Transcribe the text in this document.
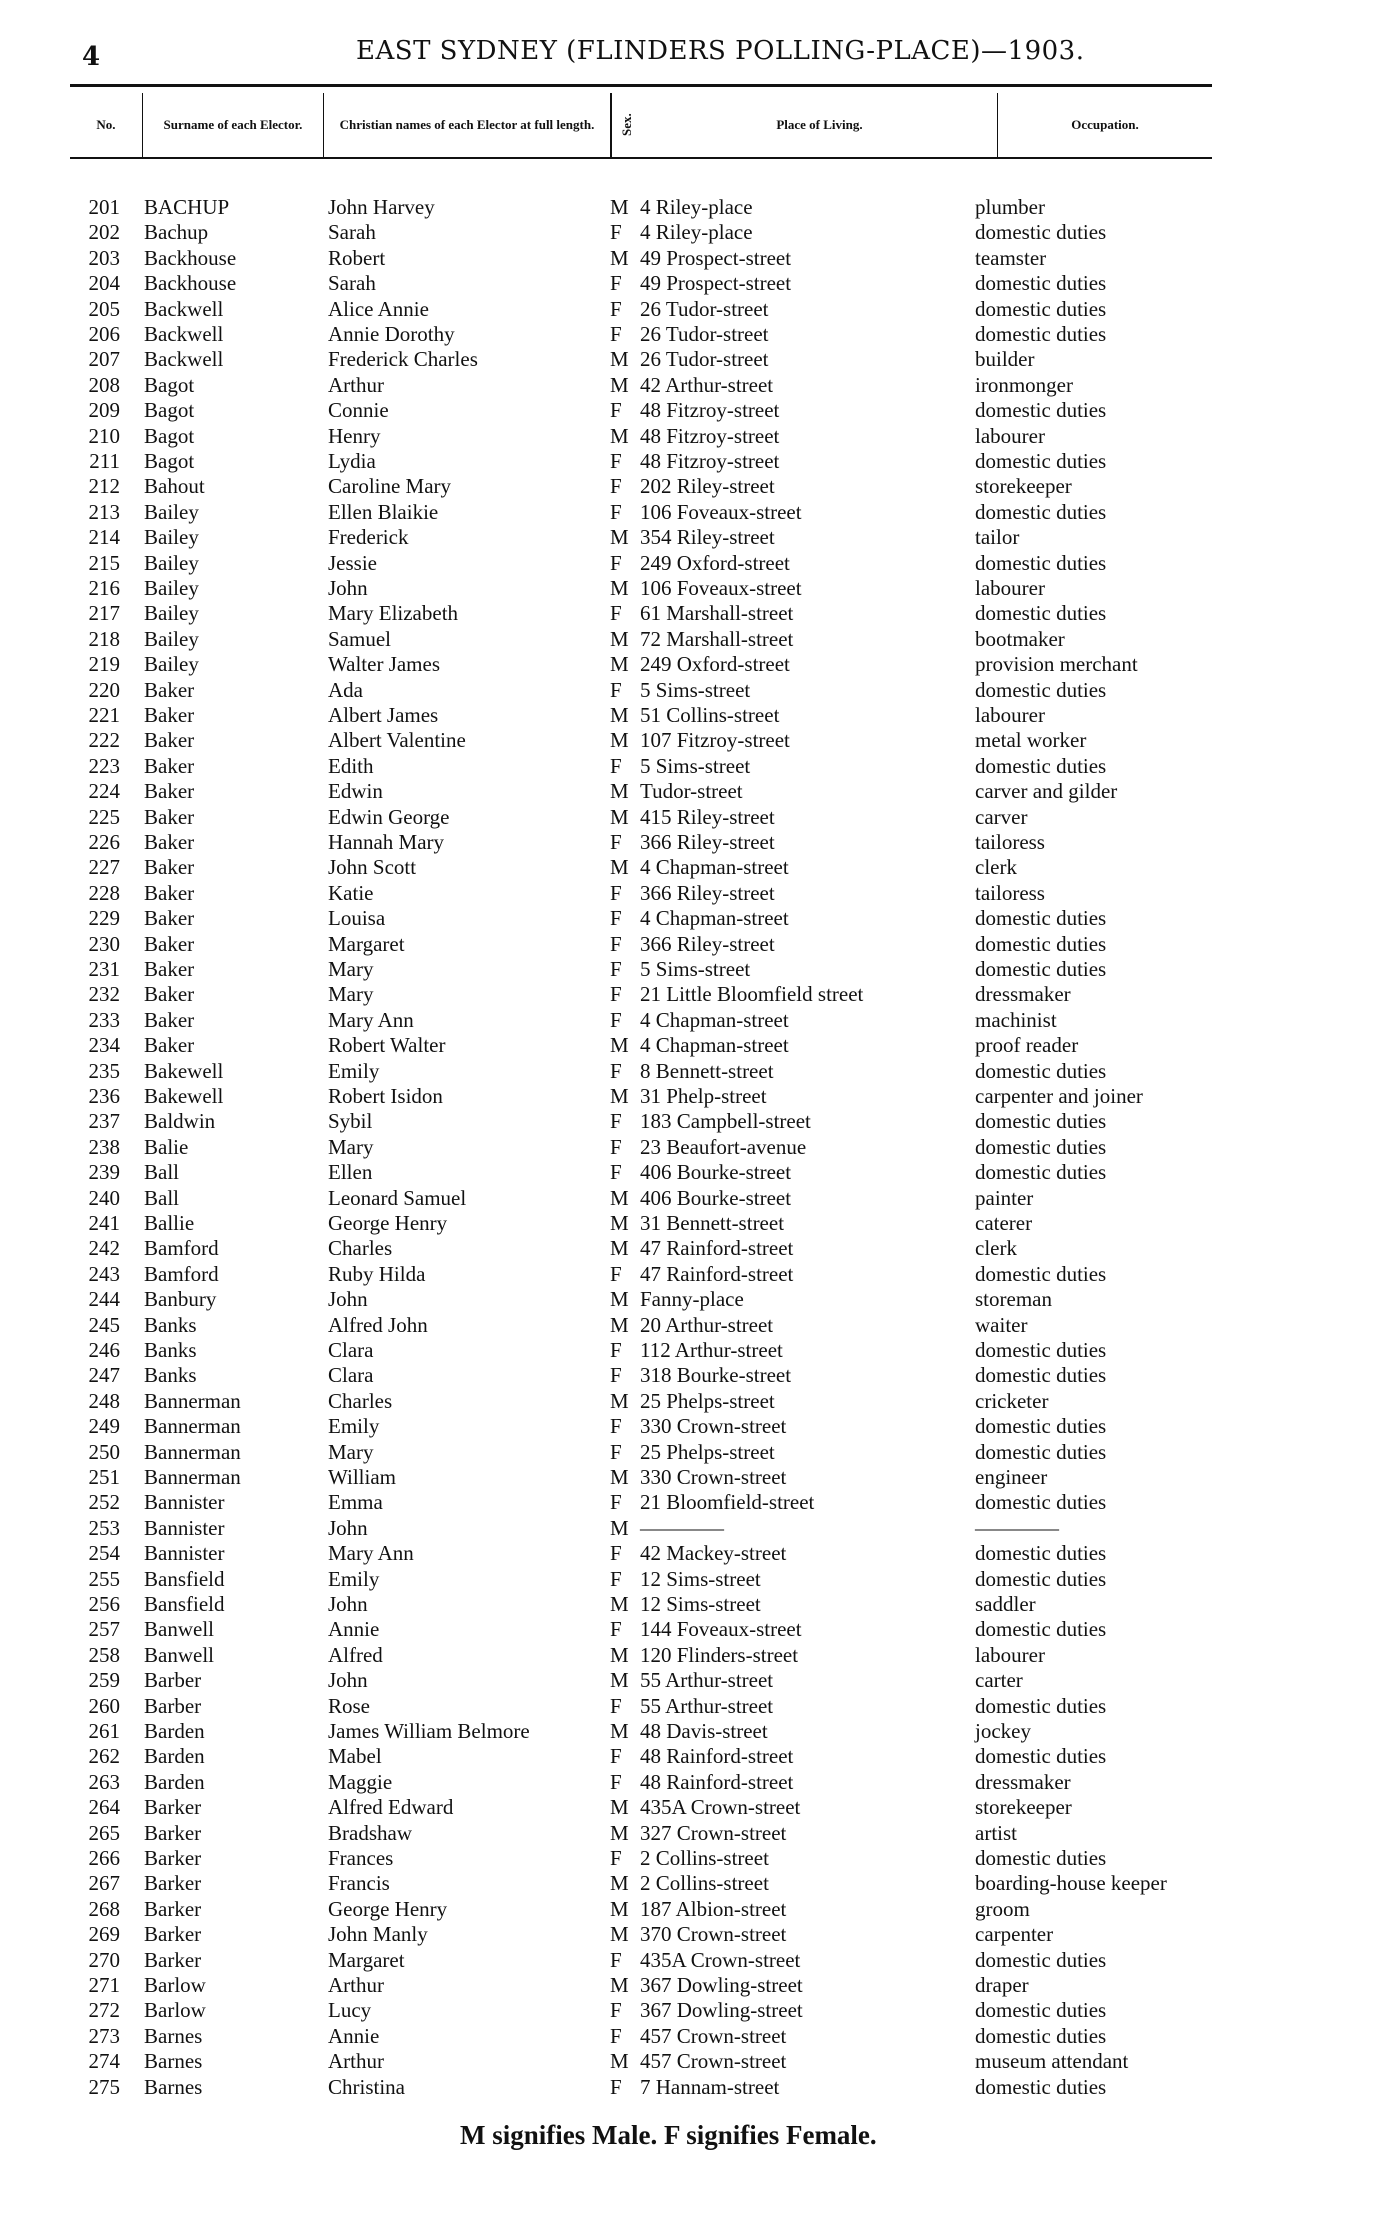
4	EAST SYDNEY (FLINDERS POLLING-PLACE)—1903.
No.	Surname of each Elector.	Christian names of each Elector at full length.	Sex.	Place of Living.	Occupation.
201 BACHUP	John Harvey	M 4 Riley-place	plumber
202 Bachup	Sarah	F 4 Riley-place	domestic duties
203 Backhouse	Robert	M 49 Prospect-street	teamster
204 Backhouse	Sarah	F 49 Prospect-street	domestic duties
205 Backwell	Alice Annie	F 26 Tudor-street	domestic duties
206 Backwell	Annie Dorothy	F 26 Tudor-street	domestic duties
207 Backwell	Frederick Charles	M 26 Tudor-street	builder
208 Bagot	Arthur	M 42 Arthur-street	ironmonger
209 Bagot	Connie	F 48 Fitzroy-street	domestic duties
210 Bagot	Henry	M 48 Fitzroy-street	labourer
211 Bagot	Lydia	F 48 Fitzroy-street	domestic duties
212 Bahout	Caroline Mary	F 202 Riley-street	storekeeper
213 Bailey	Ellen Blaikie	F 106 Foveaux-street	domestic duties
214 Bailey	Frederick	M 354 Riley-street	tailor
215 Bailey	Jessie	F 249 Oxford-street	domestic duties
216 Bailey	John	M 106 Foveaux-street	labourer
217 Bailey	Mary Elizabeth	F 61 Marshall-street	domestic duties
218 Bailey	Samuel	M 72 Marshall-street	bootmaker
219 Bailey	Walter James	M 249 Oxford-street	provision merchant
220 Baker	Ada	F 5 Sims-street	domestic duties
221 Baker	Albert James	M 51 Collins-street	labourer
222 Baker	Albert Valentine	M 107 Fitzroy-street	metal worker
223 Baker	Edith	F 5 Sims-street	domestic duties
224 Baker	Edwin	M Tudor-street	carver and gilder
225 Baker	Edwin George	M 415 Riley-street	carver
226 Baker	Hannah Mary	F 366 Riley-street	tailoress
227 Baker	John Scott	M 4 Chapman-street	clerk
228 Baker	Katie	F 366 Riley-street	tailoress
229 Baker	Louisa	F 4 Chapman-street	domestic duties
230 Baker	Margaret	F 366 Riley-street	domestic duties
231 Baker	Mary	F 5 Sims-street	domestic duties
232 Baker	Mary	F 21 Little Bloomfield street	dressmaker
233 Baker	Mary Ann	F 4 Chapman-street	machinist
234 Baker	Robert Walter	M 4 Chapman-street	proof reader
235 Bakewell	Emily	F 8 Bennett-street	domestic duties
236 Bakewell	Robert Isidon	M 31 Phelp-street	carpenter and joiner
237 Baldwin	Sybil	F 183 Campbell-street	domestic duties
238 Balie	Mary	F 23 Beaufort-avenue	domestic duties
239 Ball	Ellen	F 406 Bourke-street	domestic duties
240 Ball	Leonard Samuel	M 406 Bourke-street	painter
241 Ballie	George Henry	M 31 Bennett-street	caterer
242 Bamford	Charles	M 47 Rainford-street	clerk
243 Bamford	Ruby Hilda	F 47 Rainford-street	domestic duties
244 Banbury	John	M Fanny-place	storeman
245 Banks	Alfred John	M 20 Arthur-street	waiter
246 Banks	Clara	F 112 Arthur-street	domestic duties
247 Banks	Clara	F 318 Bourke-street	domestic duties
248 Bannerman	Charles	M 25 Phelps-street	cricketer
249 Bannerman	Emily	F 330 Crown-street	domestic duties
250 Bannerman	Mary	F 25 Phelps-street	domestic duties
251 Bannerman	William	M 330 Crown-street	engineer
252 Bannister	Emma	F 21 Bloomfield-street	domestic duties
253 Bannister	John	M ————	————
254 Bannister	Mary Ann	F 42 Mackey-street	domestic duties
255 Bansfield	Emily	F 12 Sims-street	domestic duties
256 Bansfield	John	M 12 Sims-street	saddler
257 Banwell	Annie	F 144 Foveaux-street	domestic duties
258 Banwell	Alfred	M 120 Flinders-street	labourer
259 Barber	John	M 55 Arthur-street	carter
260 Barber	Rose	F 55 Arthur-street	domestic duties
261 Barden	James William Belmore	M 48 Davis-street	jockey
262 Barden	Mabel	F 48 Rainford-street	domestic duties
263 Barden	Maggie	F 48 Rainford-street	dressmaker
264 Barker	Alfred Edward	M 435A Crown-street	storekeeper
265 Barker	Bradshaw	M 327 Crown-street	artist
266 Barker	Frances	F 2 Collins-street	domestic duties
267 Barker	Francis	M 2 Collins-street	boarding-house keeper
268 Barker	George Henry	M 187 Albion-street	groom
269 Barker	John Manly	M 370 Crown-street	carpenter
270 Barker	Margaret	F 435A Crown-street	domestic duties
271 Barlow	Arthur	M 367 Dowling-street	draper
272 Barlow	Lucy	F 367 Dowling-street	domestic duties
273 Barnes	Annie	F 457 Crown-street	domestic duties
274 Barnes	Arthur	M 457 Crown-street	museum attendant
275 Barnes	Christina	F 7 Hannam-street	domestic duties
M signifies Male. F signifies Female.
